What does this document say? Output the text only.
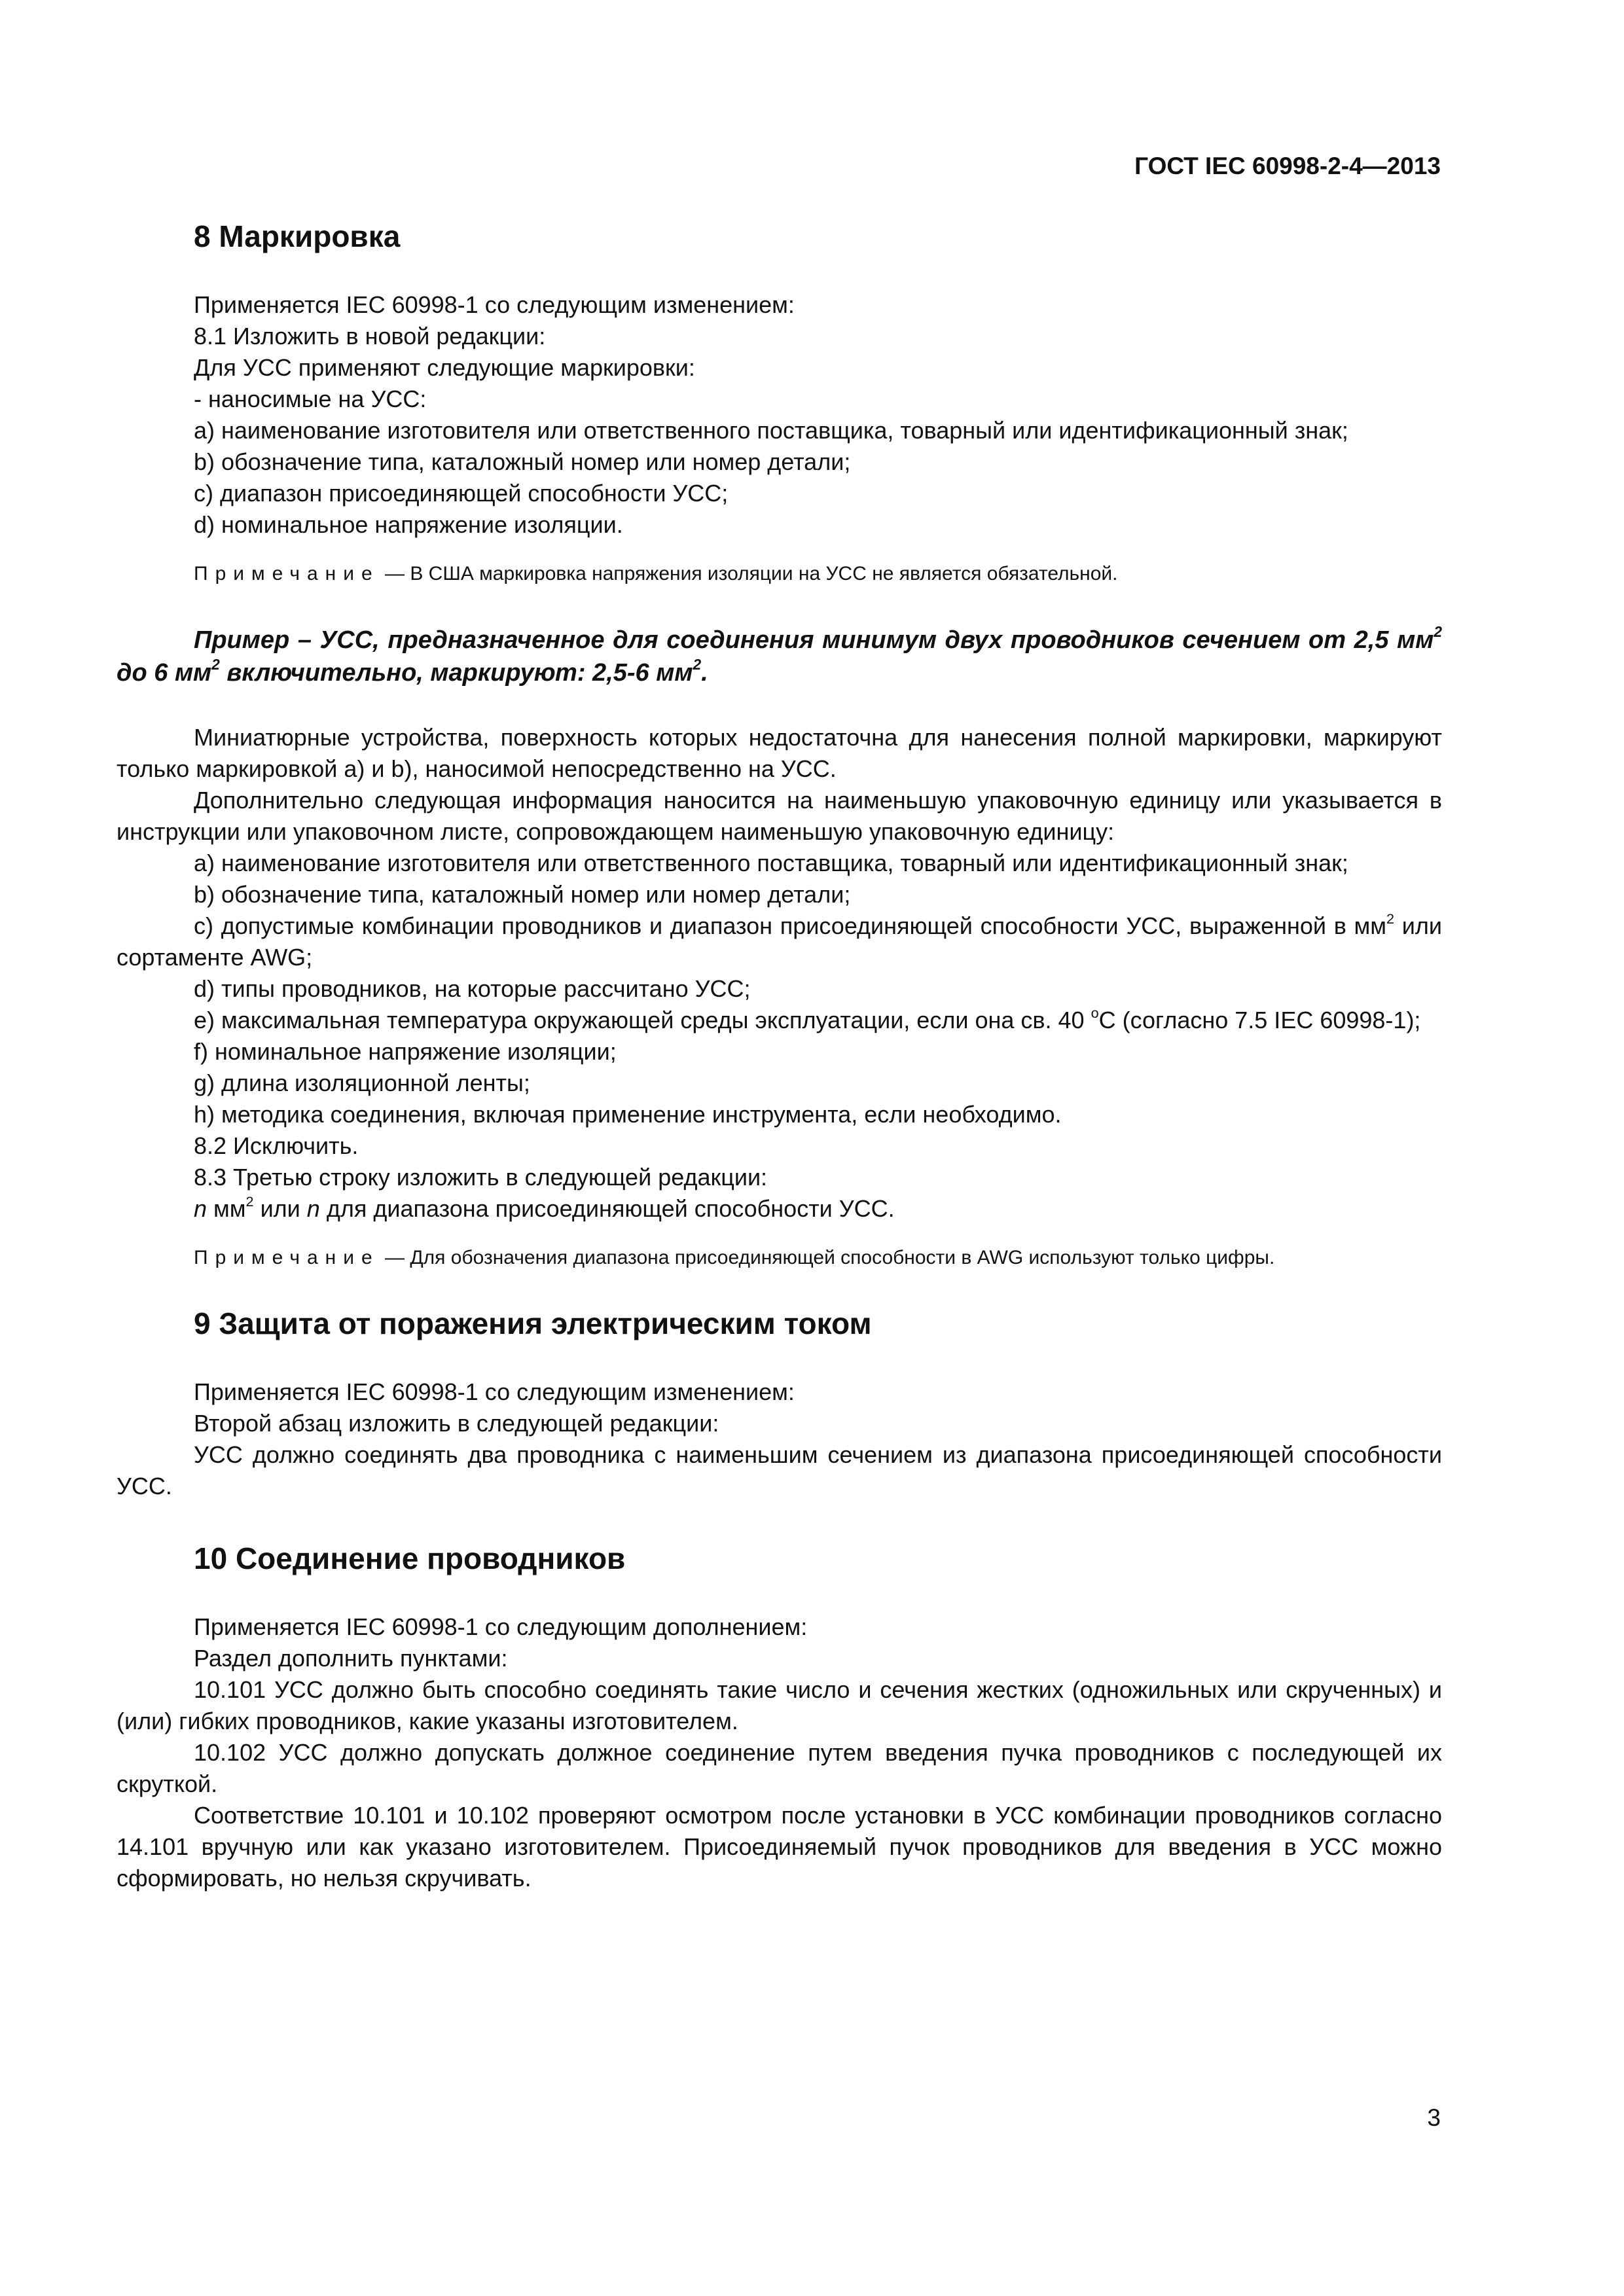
ГОСТ IEC 60998-2-4—2013
8 Маркировка

Применяется IEC 60998-1 со следующим изменением:

8.1 Изложить в новой редакции:

Для УСС применяют следующие маркировки:

- наносимые на УСС:

a) наименование изготовителя или ответственного поставщика, товарный или идентификационный знак;

b) обозначение типа, каталожный номер или номер детали;

c) диапазон присоединяющей способности УСС;

d) номинальное напряжение изоляции.

Примечание — В США маркировка напряжения изоляции на УСС не является обязательной.

Пример – УСС, предназначенное для соединения минимум двух проводников сечением от 2,5 $мм^2$ до 6 $мм^2$ включительно, маркируют: 2,5-6 $мм^2$.

Миниатюрные устройства, поверхность которых недостаточна для нанесения полной маркировки, маркируют только маркировкой a) и b), наносимой непосредственно на УСС.

Дополнительно следующая информация наносится на наименьшую упаковочную единицу или указывается в инструкции или упаковочном листе, сопровождающем наименьшую упаковочную единицу:

a) наименование изготовителя или ответственного поставщика, товарный или идентификационный знак;

b) обозначение типа, каталожный номер или номер детали;

c) допустимые комбинации проводников и диапазон присоединяющей способности УСС, выраженной в $мм^2$ или сортаменте AWG;

d) типы проводников, на которые рассчитано УСС;

e) максимальная температура окружающей среды эксплуатации, если она св. 40 $^о$С (согласно 7.5 IEC 60998-1);

f) номинальное напряжение изоляции;

g) длина изоляционной ленты;

h) методика соединения, включая применение инструмента, если необходимо.

8.2 Исключить.

8.3 Третью строку изложить в следующей редакции:

n $мм^2$ или n для диапазона присоединяющей способности УСС.

Примечание — Для обозначения диапазона присоединяющей способности в AWG используют только цифры.

9 Защита от поражения электрическим током

Применяется IEC 60998-1 со следующим изменением:

Второй абзац изложить в следующей редакции:

УСС должно соединять два проводника с наименьшим сечением из диапазона присоединяющей способности УСС.

10 Соединение проводников

Применяется IEC 60998-1 со следующим дополнением:

Раздел дополнить пунктами:

10.101 УСС должно быть способно соединять такие число и сечения жестких (одножильных или скрученных) и (или) гибких проводников, какие указаны изготовителем.

10.102 УСС должно допускать должное соединение путем введения пучка проводников с последующей их скруткой.

Соответствие 10.101 и 10.102 проверяют осмотром после установки в УСС комбинации проводников согласно 14.101 вручную или как указано изготовителем. Присоединяемый пучок проводников для введения в УСС можно сформировать, но нельзя скручивать.

3
